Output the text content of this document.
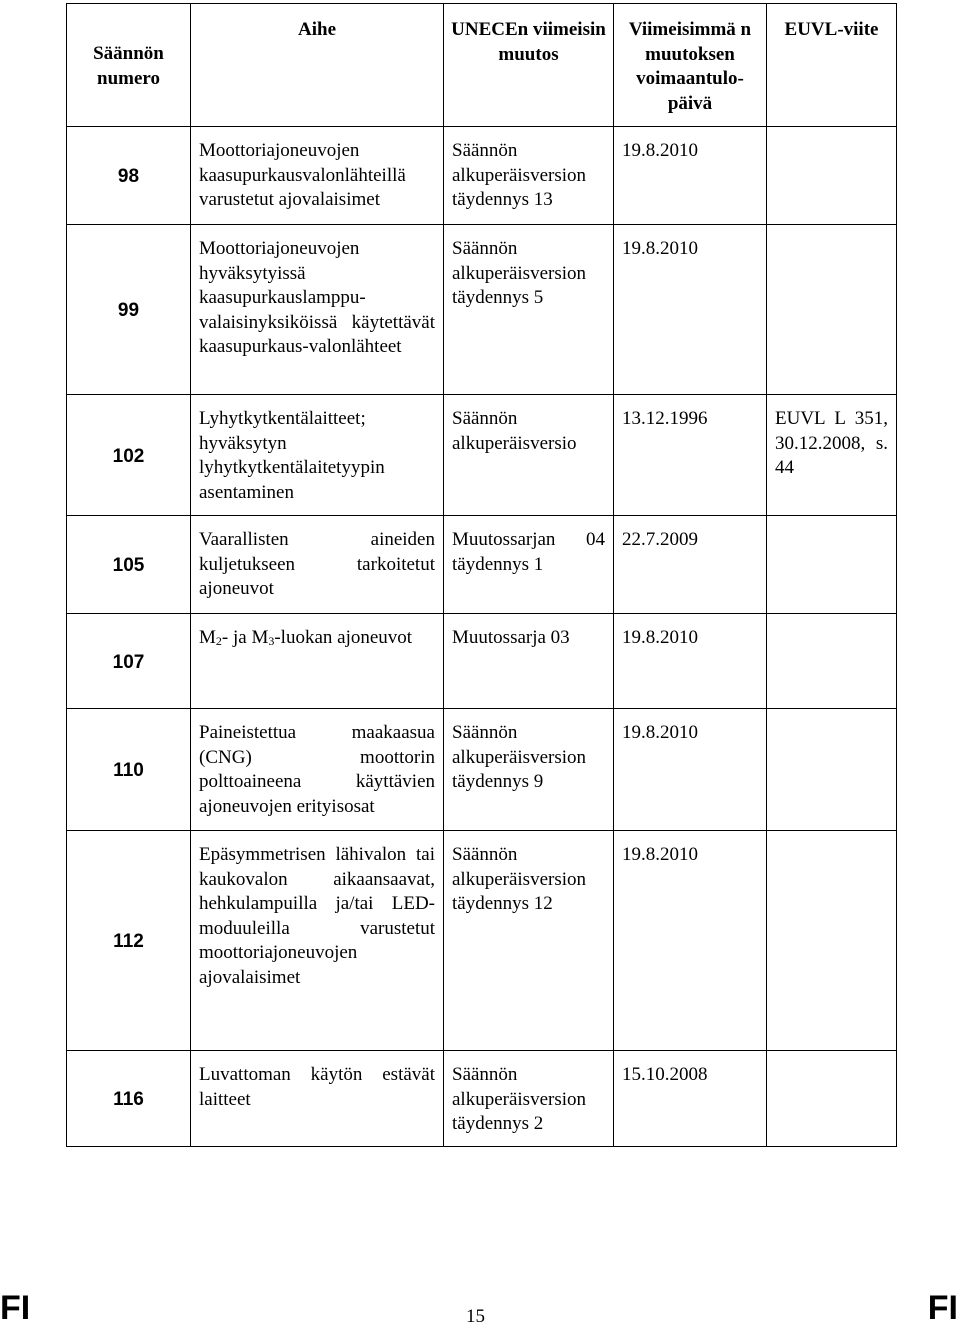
Säännön numero	Aihe	UNECEn viimeisin muutos	Viimeisimmä n muutoksen voimaantulo-päivä	EUVL-viite
98	Moottoriajoneuvojen kaasupurkausvalonlähteillä varustetut ajovalaisimet	Säännön alkuperäisversion täydennys 13	19.8.2010	
99	Moottoriajoneuvojen hyväksytyissä kaasupurkauslamppu-valaisinyksiköissä käytettävät kaasupurkaus-valonlähteet	Säännön alkuperäisversion täydennys 5	19.8.2010	
102	Lyhytkytkentälaitteet; hyväksytyn lyhytkytkentälaitetyypin asentaminen	Säännön alkuperäisversio	13.12.1996	EUVL L 351, 30.12.2008, s. 44
105	Vaarallisten aineiden kuljetukseen tarkoitetut ajoneuvot	Muutossarjan 04 täydennys 1	22.7.2009	
107	$M_2-$ ja $M_3$-luokan ajoneuvot	Muutossarja 03	19.8.2010	
110	Paineistettua maakaasua (CNG) moottorin polttoaineena käyttävien ajoneuvojen erityisosat	Säännön alkuperäisversion täydennys 9	19.8.2010	
112	Epäsymmetrisen lähivalon tai kaukovalon aikaansaavat, hehkulampuilla ja/tai LED-moduuleilla varustetut moottoriajoneuvojen ajovalaisimet	Säännön alkuperäisversion täydennys 12	19.8.2010	
116	Luvattoman käytön estävät laitteet	Säännön alkuperäisversion täydennys 2	15.10.2008	
FI	15	FI
